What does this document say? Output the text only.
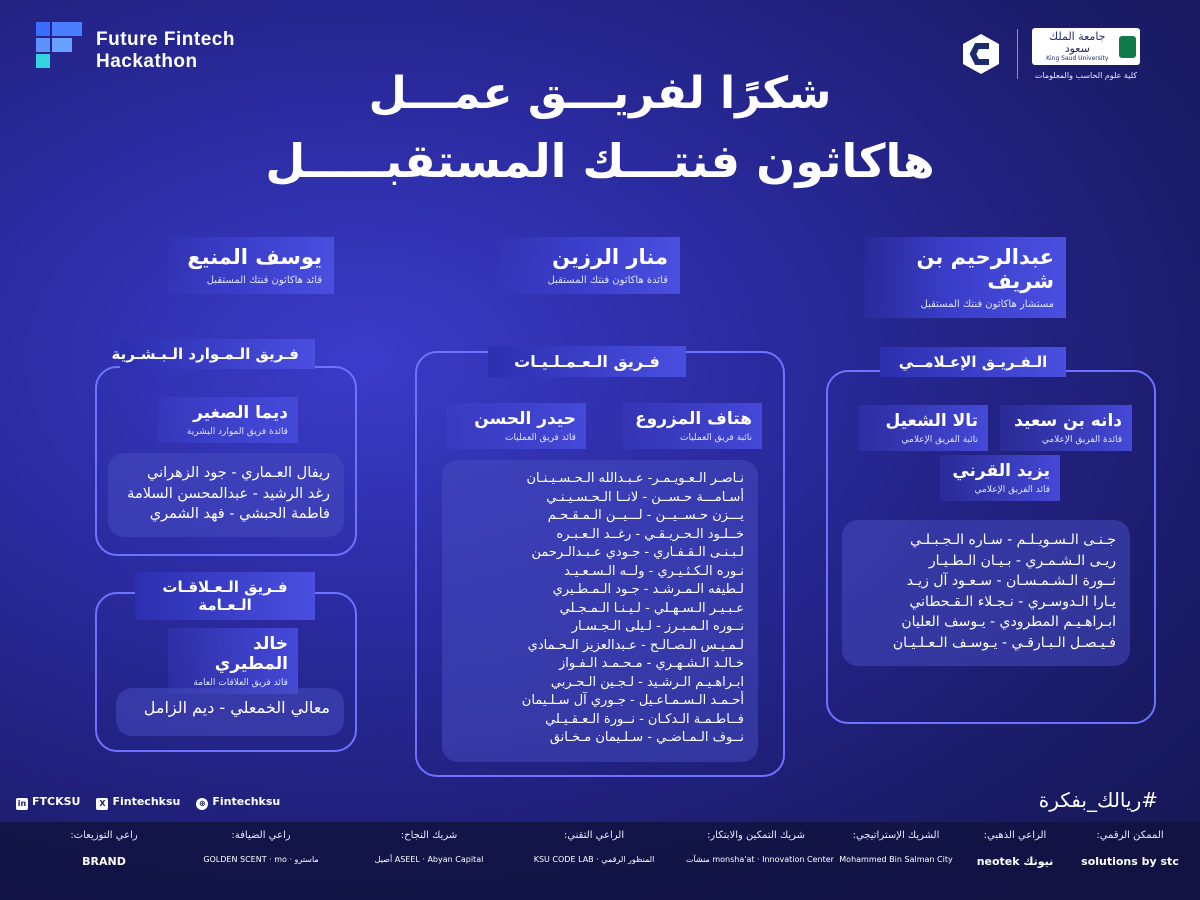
Future Fintech
Hackathon
جامعة الملك سعود
King Saud University
كلية علوم الحاسب والمعلومات
شكرًا لفريـــق عمـــل
هاكاثون فنتـــك المستقبـــــل
يوسف المنيع
قائد هاكاثون فنتك المستقبل
منار الرزين
قائدة هاكاثون فنتك المستقبل
عبدالرحيم بن شريف
مستشار هاكاثون فنتك المستقبل
فـريق الـمـوارد الـبـشـرية
ديما الصغير
قائدة فريق الموارد البشرية
ريفال العـماري - جود الزهراني
رغد الرشيد - عبدالمحسن السلامة
فاطمة الحبشي - فهد الشمري
فـريق الـعـلاقـات الـعـامة
خالد المطيري
قائد فريق العلاقات العامة
معالي الخمعلي - ديم الزامل
فـريق الـعـمـلـيـات
حيدر الحسن
قائد فريق العمليات
هتاف المزروع
نائبة فريق العمليات
نـاصـر الـعـويـمـر- عـبـدالله الـحـسـيـنـان
أسـامـــة حـســن - لانــا الـحـسـيـنـي
يـــزن حـســيــن - لـــيــن الـمـقـحـم
خــلـود الـحـريـقـي - رغــد الـعـبـره
لـبـنـى الـقـفـاري - جـودي عـبـدالـرحمن
نـوره الـكـثـيـري - ولــه الـسـعـيـد
لـطيفه الـمـرشـد - جـود الـمـطـيري
عـبـيـر الـسـهـلي - لـيـنـا الـمـجـلي
نــوره الـمـبـرز - لـيلى الـجـسـار
لـمـيـس الـصـالـح - عـبدالعزيز الـحـمادي
خـالـد الـشـهـري - مـحـمـد الـفـواز
ابـراهـيـم الـرشـيد - لـجـين الـحـربي
أحـمـد الـسـمـاعـيل - جـوري آل سـلـيمان
فــاطـمـة الـدكـان - نــورة الـعـقـيـلي
نــوف الـمـاضـي - سـلـيمان مـخـانق
الـفـريـق الإعـلامــي
تالا الشعيل
نائبة الفريق الإعلامي
دانه بن سعيد
قائدة الفريق الإعلامي
يزيد القرني
قائد الفريق الإعلامي
جـنـى الـسـويـلـم - سـاره الـجـبـلـي
ريـى الـشـمـري - بـيـان الـطـيـار
نــورة الـشـمـسـان - سـعـود آل زيـد
يـارا الـدوسـري - نـجـلاء الـقـحطاني
ابـراهـيـم المطرودي - يـوسف العليان
فـيـصـل الـبـارقـي - يـوسـف الـعـلـيـان
in FTCKSU	X Fintechksu	⊕ Fintechksu	#ريالك_بفكرة
الممكن الرقمي:
solutions by stc
الراعي الذهبي:
neotek نيوتك
الشريك الإستراتيجي:
Mohammed Bin Salman City
شريك التمكين والابتكار:
منشآت monsha'at · Innovation Center
الراعي التقني:
KSU CODE LAB · المنظور الرقمي
شريك النجاح:
أصيل ASEEL · Abyan Capital
راعي الضيافة:
GOLDEN SCENT · mo · ماسترو
راعي التوزيعات:
BRAND
